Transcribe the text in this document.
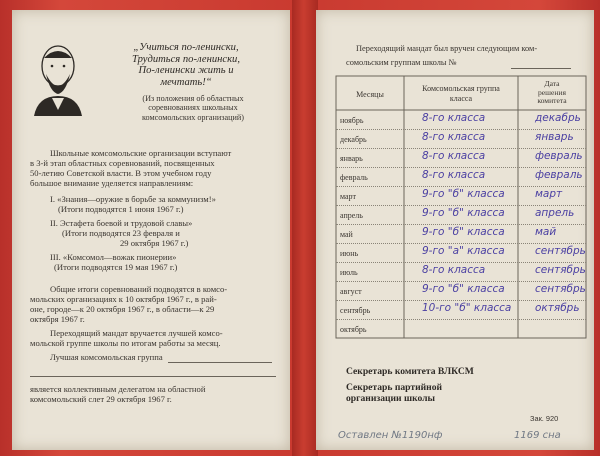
„Учиться по-ленински,
Трудиться по-ленински,
По-ленински жить и
мечтать!“
(Из положения об областных
соревнованиях школьных
комсомольских организаций)
Школьные комсомольские организации вступают
в 3-й этап областных соревнований, посвященных
50-летию Советской власти. В этом учебном году
большое внимание уделяется направлениям:
I. «Знания—оружие в борьбе за коммунизм!»
(Итоги подводятся 1 июня 1967 г.)
II. Эстафета боевой и трудовой славы»
(Итоги подводятся 23 февраля и
29 октября 1967 г.)
III. «Комсомол—вожак пионерии»
(Итоги подводятся 19 мая 1967 г.)
Общие итоги соревнований подводятся в комсо-
мольских организациях к 10 октября 1967 г., в рай-
оне, городе—к 20 октября 1967 г., в области—к 29
октября 1967 г.
Переходящий мандат вручается лучшей комсо-
мольской группе школы по итогам работы за месяц.
Лучшая комсомольская группа
является коллективным делегатом на областной
комсомольский слет 29 октября 1967 г.
Переходящий мандат был вручен следующим ком-
сомольским группам школы №
Месяцы
Комсомольская группа
класса
Дата
решения
комитета
ноябрь	8-го класса	декабрь
декабрь	8-го класса	январь
январь	8-го класса	февраль
февраль	8-го класса	февраль
март	9-го "б" класса	март
апрель	9-го "б" класса	апрель
май	9-го "б" класса	май
июнь	9-го "а" класса	сентябрь
июль	8-го класса	сентябрь
август	9-го "б" класса	сентябрь
сентябрь	10-го "б" класса октябрь
октябрь
Секретарь комитета ВЛКСМ
Секретарь партийной
организации школы
Зак. 920
Оставлен №1190нф	1169 сна
